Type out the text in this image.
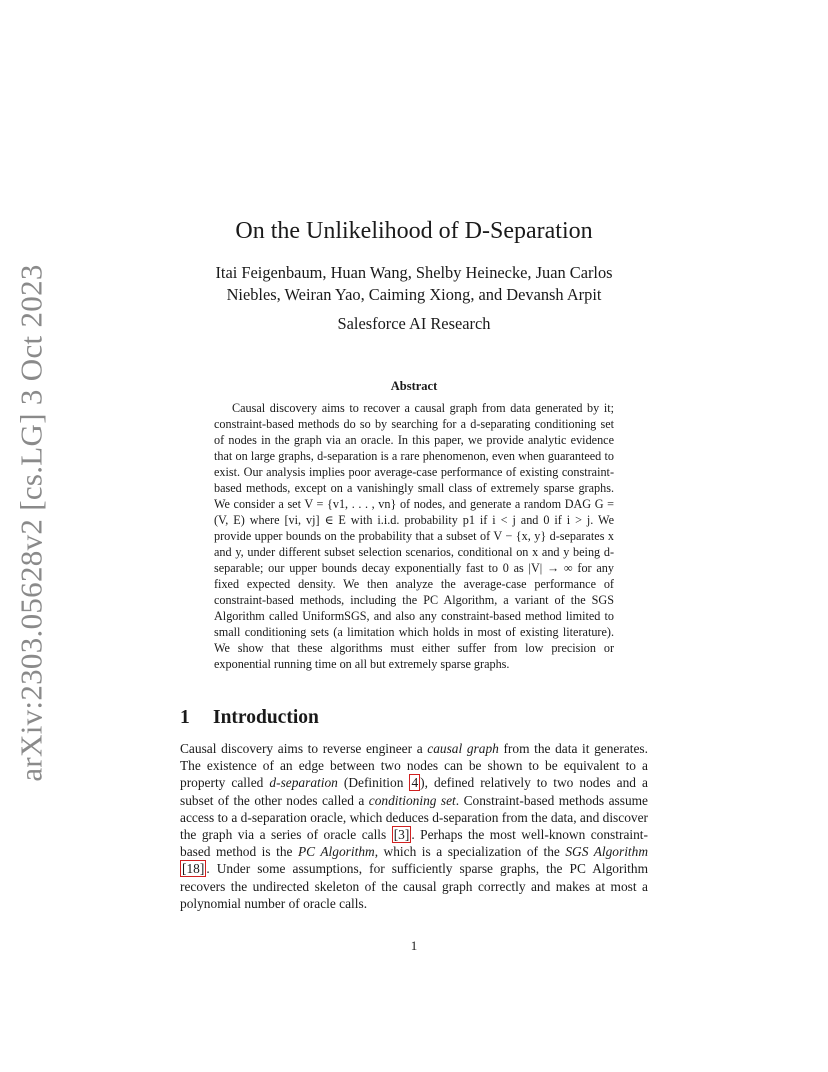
arXiv:2303.05628v2 [cs.LG] 3 Oct 2023
On the Unlikelihood of D-Separation
Itai Feigenbaum, Huan Wang, Shelby Heinecke, Juan Carlos
Niebles, Weiran Yao, Caiming Xiong, and Devansh Arpit
Salesforce AI Research
Abstract

Causal discovery aims to recover a causal graph from data generated by it; constraint-based methods do so by searching for a d-separating conditioning set of nodes in the graph via an oracle. In this paper, we provide analytic evidence that on large graphs, d-separation is a rare phenomenon, even when guaranteed to exist. Our analysis implies poor average-case performance of existing constraint-based methods, except on a vanishingly small class of extremely sparse graphs. We consider a set V = {v1, . . . , vn} of nodes, and generate a random DAG G = (V, E) where [vi, vj] ∈ E with i.i.d. probability p1 if i < j and 0 if i > j. We provide upper bounds on the probability that a subset of V − {x, y} d-separates x and y, under different subset selection scenarios, conditional on x and y being d-separable; our upper bounds decay exponentially fast to 0 as |V| → ∞ for any fixed expected density. We then analyze the average-case performance of constraint-based methods, including the PC Algorithm, a variant of the SGS Algorithm called UniformSGS, and also any constraint-based method limited to small conditioning sets (a limitation which holds in most of existing literature). We show that these algorithms must either suffer from low precision or exponential running time on all but extremely sparse graphs.

1 Introduction

Causal discovery aims to reverse engineer a causal graph from the data it generates. The existence of an edge between two nodes can be shown to be equivalent to a property called d-separation (Definition 4 ), defined relatively to two nodes and a subset of the other nodes called a conditioning set. Constraint-based methods assume access to a d-separation oracle, which deduces d-separation from the data, and discover the graph via a series of oracle calls [3] . Perhaps the most well-known constraint-based method is the PC Algorithm, which is a specialization of the SGS Algorithm [18] . Under some assumptions, for sufficiently sparse graphs, the PC Algorithm recovers the undirected skeleton of the causal graph correctly and makes at most a polynomial number of oracle calls.

1
